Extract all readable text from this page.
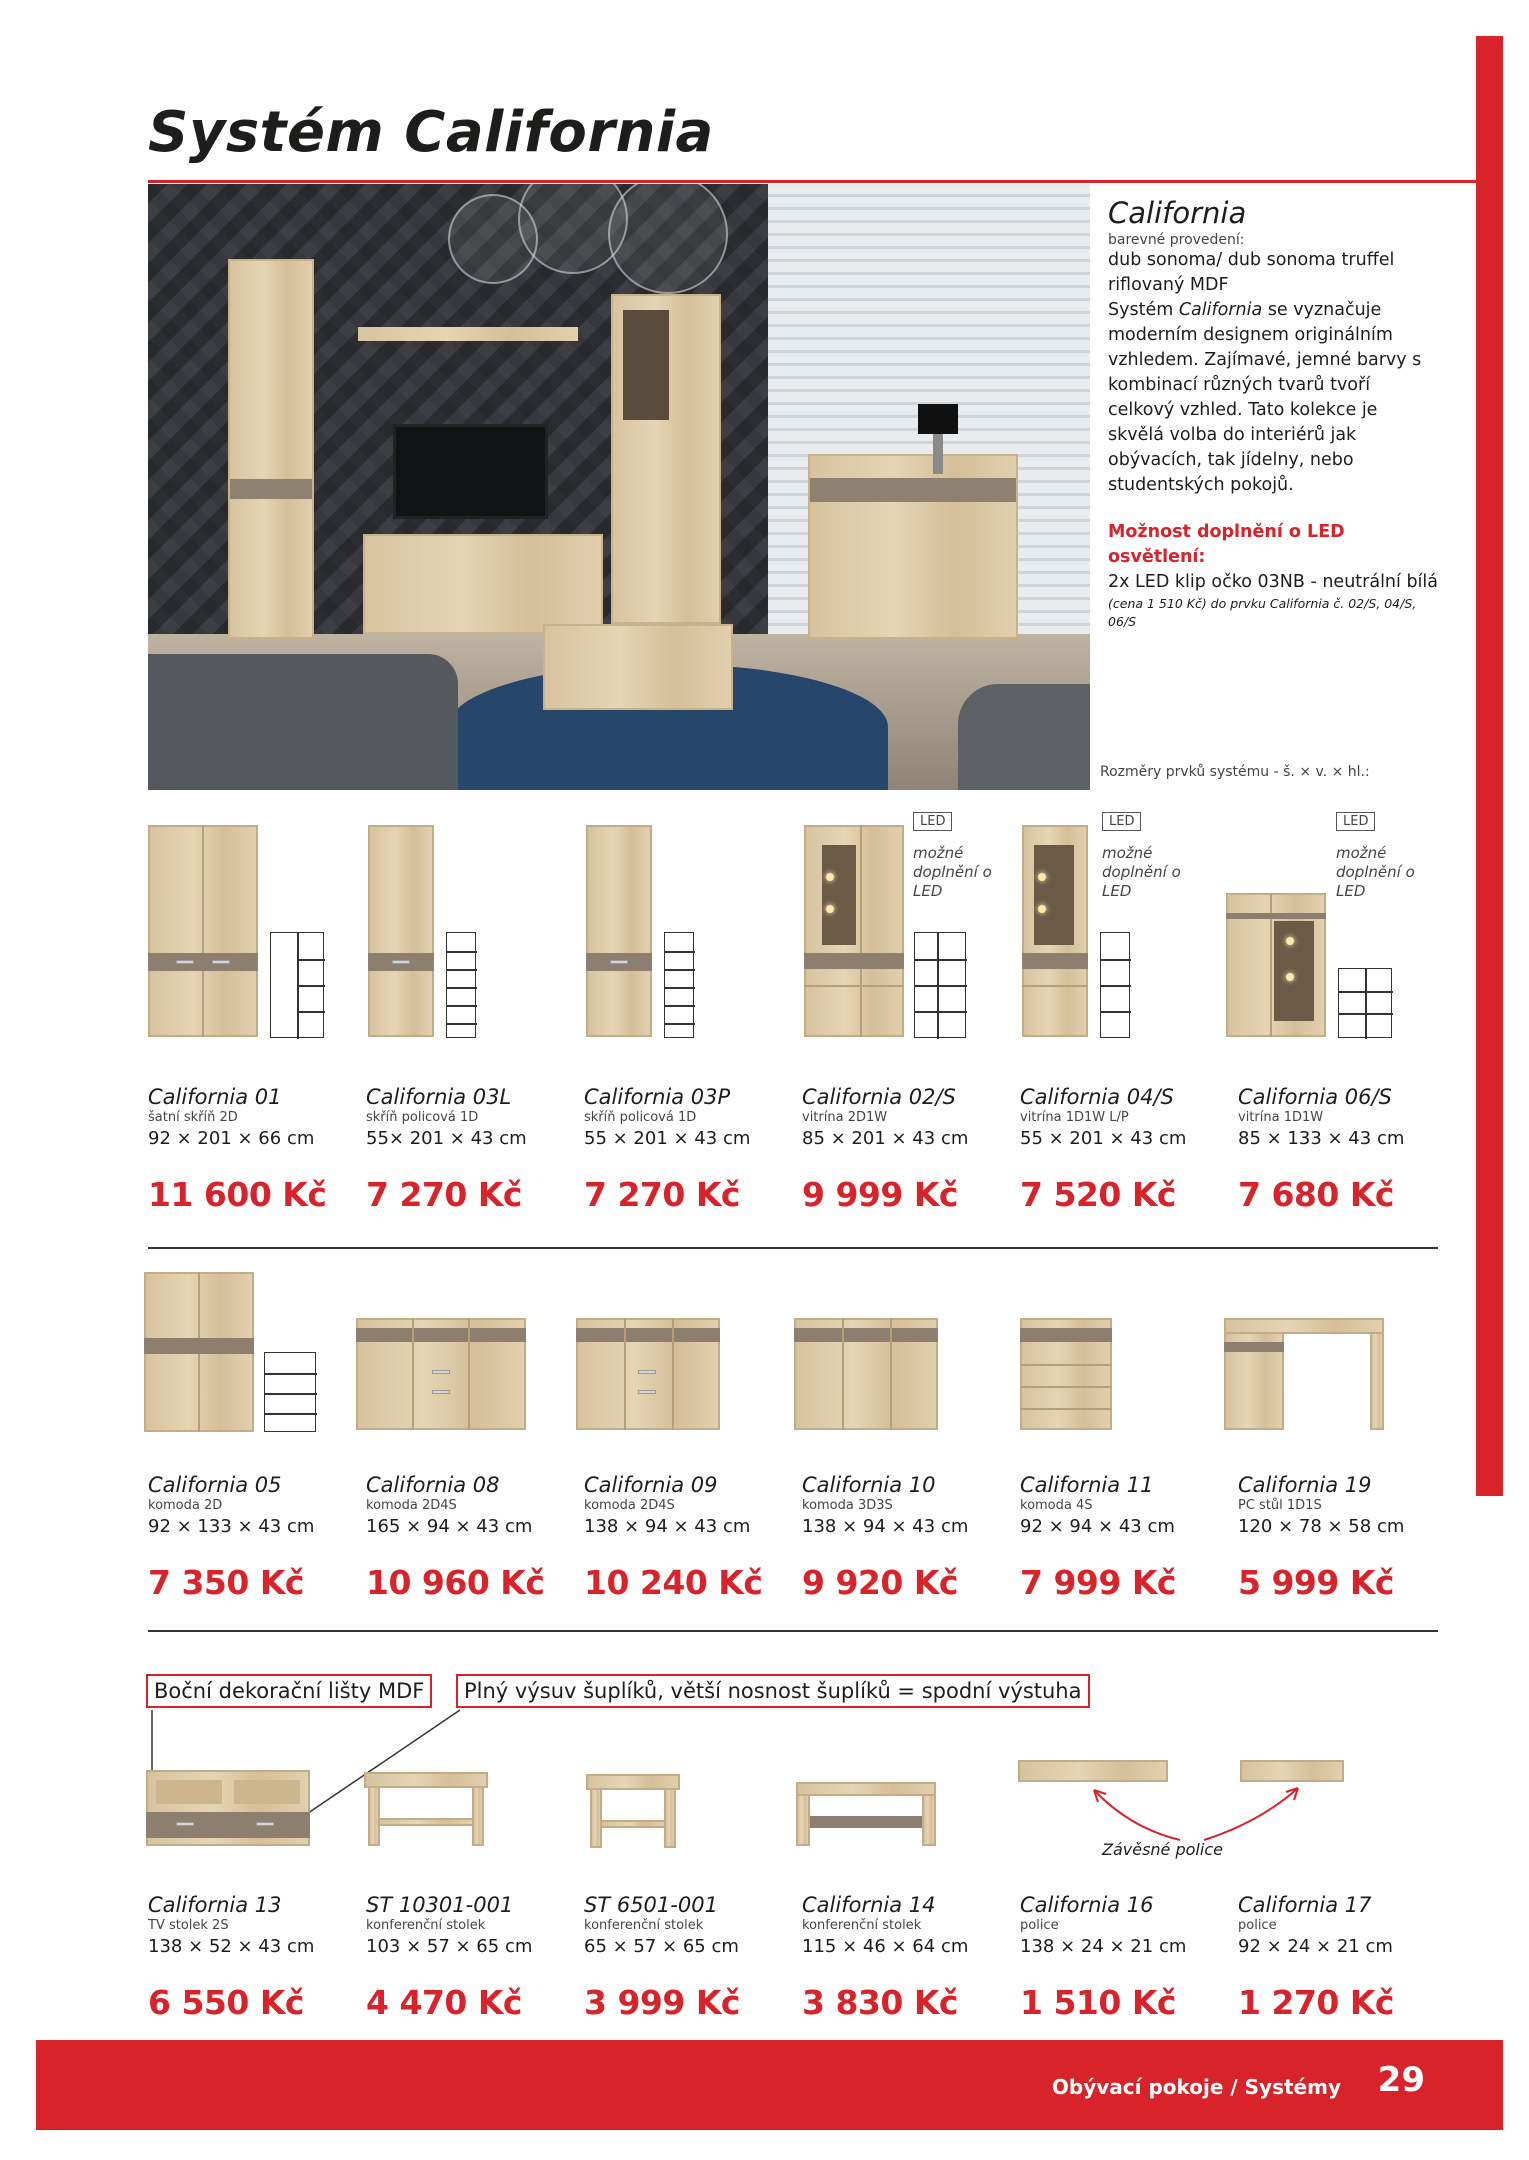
Systém California
California
barevné provedení:
dub sonoma/ dub sonoma truffel
riflovaný MDF
Systém California se vyznačuje moderním designem originálním vzhledem. Zajímavé, jemné barvy s kombinací různých tvarů tvoří celkový vzhled. Tato kolekce je skvělá volba do interiérů jak obývacích, tak jídelny, nebo studentských pokojů.
Možnost doplnění o LED osvětlení:
2x LED klip očko 03NB - neutrální bílá
(cena 1 510 Kč) do prvku California č. 02/S, 04/S, 06/S
Rozměry prvků systému - š. × v. × hl.:
LED
možné doplnění o LED
LED
možné doplnění o LED
LED
možné doplnění o LED
California 01
šatní skříň 2D
92 × 201 × 66 cm
11 600 Kč
California 03L
skříň policová 1D
55× 201 × 43 cm
7 270 Kč
California 03P
skříň policová 1D
55 × 201 × 43 cm
7 270 Kč
California 02/S
vitrína 2D1W
85 × 201 × 43 cm
9 999 Kč
California 04/S
vitrína 1D1W L/P
55 × 201 × 43 cm
7 520 Kč
California 06/S
vitrína 1D1W
85 × 133 × 43 cm
7 680 Kč
California 05
komoda 2D
92 × 133 × 43 cm
7 350 Kč
California 08
komoda 2D4S
165 × 94 × 43 cm
10 960 Kč
California 09
komoda 2D4S
138 × 94 × 43 cm
10 240 Kč
California 10
komoda 3D3S
138 × 94 × 43 cm
9 920 Kč
California 11
komoda 4S
92 × 94 × 43 cm
7 999 Kč
California 19
PC stůl 1D1S
120 × 78 × 58 cm
5 999 Kč
Boční dekorační lišty MDF	Plný výsuv šuplíků, větší nosnost šuplíků = spodní výstuha
Závěsné police
California 13
TV stolek 2S
138 × 52 × 43 cm
6 550 Kč
ST 10301-001
konferenční stolek
103 × 57 × 65 cm
4 470 Kč
ST 6501-001
konferenční stolek
65 × 57 × 65 cm
3 999 Kč
California 14
konferenční stolek
115 × 46 × 64 cm
3 830 Kč
California 16
police
138 × 24 × 21 cm
1 510 Kč
California 17
police
92 × 24 × 21 cm
1 270 Kč
Obývací pokoje / Systémy 29
